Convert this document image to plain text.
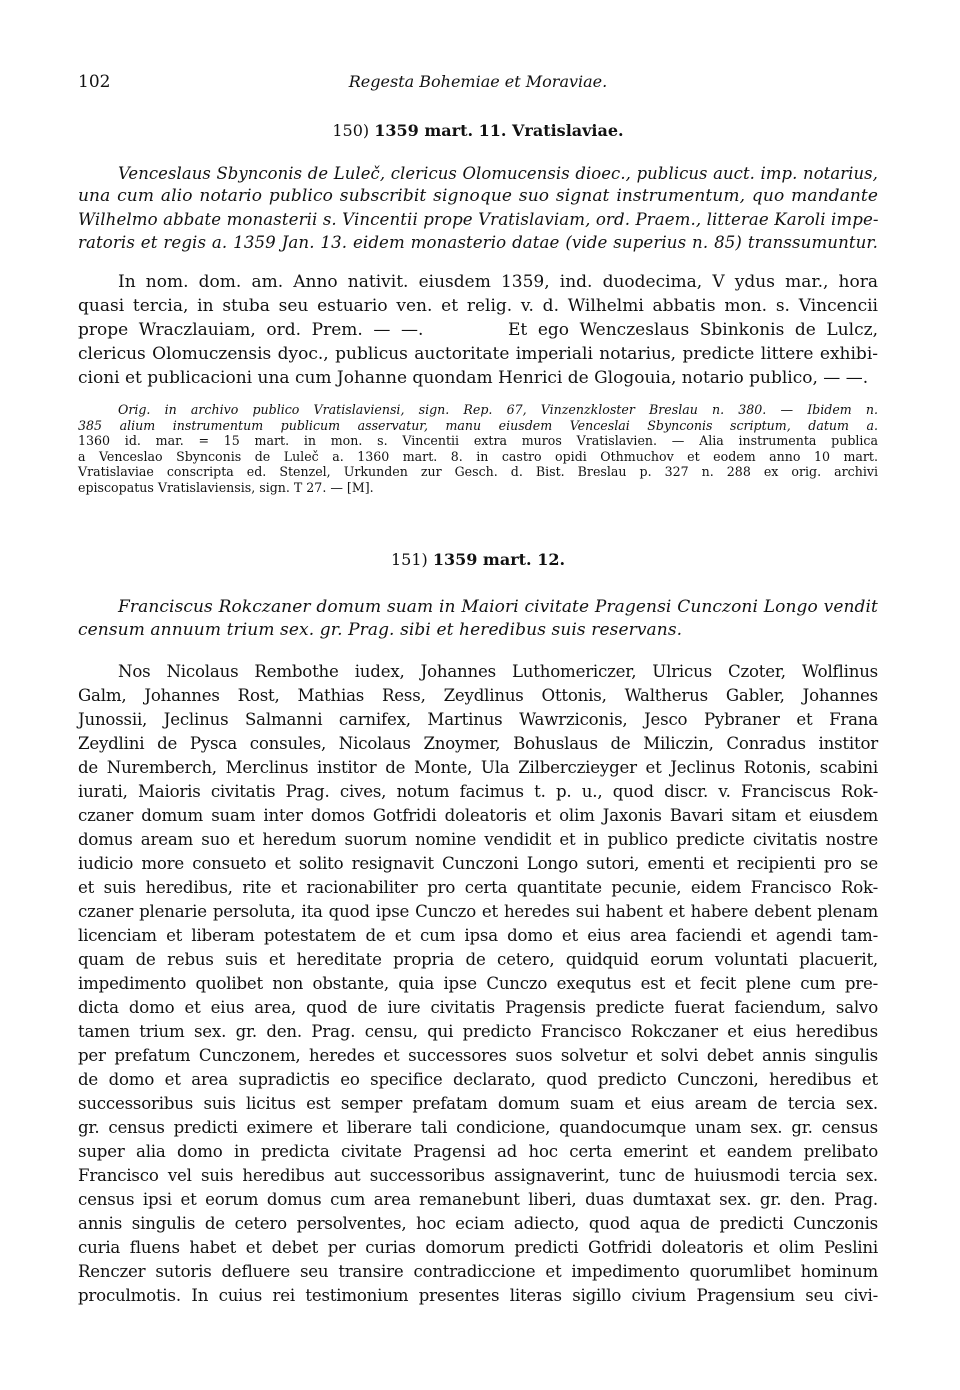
102	Regesta Bohemiae et Moraviae.
150) 1359 mart. 11. Vratislaviae.
Venceslaus Sbynconis de Luleč, clericus Olomucensis dioec., publicus auct. imp. notarius,
una cum alio notario publico subscribit signoque suo signat instrumentum, quo mandante
Wilhelmo abbate monasterii s. Vincentii prope Vratislaviam, ord. Praem., litterae Karoli impe-
ratoris et regis a. 1359 Jan. 13. eidem monasterio datae (vide superius n. 85) transsumuntur.
In nom. dom. am. Anno nativit. eiusdem 1359, ind. duodecima, V ydus mar., hora
quasi tercia, in stuba seu estuario ven. et relig. v. d. Wilhelmi abbatis mon. s. Vincencii
prope Wraczlauiam, ord. Prem. — —.        Et ego Wenczeslaus Sbinkonis de Lulcz,
clericus Olomuczensis dyoc., publicus auctoritate imperiali notarius, predicte littere exhibi-
cioni et publicacioni una cum Johanne quondam Henrici de Glogouia, notario publico, — —.
Orig. in archivo publico Vratislaviensi, sign. Rep. 67, Vinzenzkloster Breslau n. 380. — Ibidem n.
385 alium instrumentum publicum asservatur, manu eiusdem Venceslai Sbynconis scriptum, datum a.
1360 id. mar. = 15 mart. in mon. s. Vincentii extra muros Vratislavien. — Alia instrumenta publica
a Venceslao Sbynconis de Luleč a. 1360 mart. 8. in castro opidi Othmuchov et eodem anno 10 mart.
Vratislaviae conscripta ed. Stenzel, Urkunden zur Gesch. d. Bist. Breslau p. 327 n. 288 ex orig. archivi
episcopatus Vratislaviensis, sign. T 27. — [M].
151) 1359 mart. 12.
Franciscus Rokczaner domum suam in Maiori civitate Pragensi Cunczoni Longo vendit
censum annuum trium sex. gr. Prag. sibi et heredibus suis reservans.
Nos Nicolaus Rembothe iudex, Johannes Luthomericzer, Ulricus Czoter, Wolflinus
Galm, Johannes Rost, Mathias Ress, Zeydlinus Ottonis, Waltherus Gabler, Johannes
Junossii, Jeclinus Salmanni carnifex, Martinus Wawrziconis, Jesco Pybraner et Frana
Zeydlini de Pysca consules, Nicolaus Znoymer, Bohuslaus de Miliczin, Conradus institor
de Nuremberch, Merclinus institor de Monte, Ula Zilberczieyger et Jeclinus Rotonis, scabini
iurati, Maioris civitatis Prag. cives, notum facimus t. p. u., quod discr. v. Franciscus Rok-
czaner domum suam inter domos Gotfridi doleatoris et olim Jaxonis Bavari sitam et eiusdem
domus aream suo et heredum suorum nomine vendidit et in publico predicte civitatis nostre
iudicio more consueto et solito resignavit Cunczoni Longo sutori, ementi et recipienti pro se
et suis heredibus, rite et racionabiliter pro certa quantitate pecunie, eidem Francisco Rok-
czaner plenarie persoluta, ita quod ipse Cunczo et heredes sui habent et habere debent plenam
licenciam et liberam potestatem de et cum ipsa domo et eius area faciendi et agendi tam-
quam de rebus suis et hereditate propria de cetero, quidquid eorum voluntati placuerit,
impedimento quolibet non obstante, quia ipse Cunczo exequtus est et fecit plene cum pre-
dicta domo et eius area, quod de iure civitatis Pragensis predicte fuerat faciendum, salvo
tamen trium sex. gr. den. Prag. censu, qui predicto Francisco Rokczaner et eius heredibus
per prefatum Cunczonem, heredes et successores suos solvetur et solvi debet annis singulis
de domo et area supradictis eo specifice declarato, quod predicto Cunczoni, heredibus et
successoribus suis licitus est semper prefatam domum suam et eius aream de tercia sex.
gr. census predicti eximere et liberare tali condicione, quandocumque unam sex. gr. census
super alia domo in predicta civitate Pragensi ad hoc certa emerint et eandem prelibato
Francisco vel suis heredibus aut successoribus assignaverint, tunc de huiusmodi tercia sex.
census ipsi et eorum domus cum area remanebunt liberi, duas dumtaxat sex. gr. den. Prag.
annis singulis de cetero persolventes, hoc eciam adiecto, quod aqua de predicti Cunczonis
curia fluens habet et debet per curias domorum predicti Gotfridi doleatoris et olim Peslini
Renczer sutoris defluere seu transire contradiccione et impedimento quorumlibet hominum
proculmotis. In cuius rei testimonium presentes literas sigillo civium Pragensium seu civi-
